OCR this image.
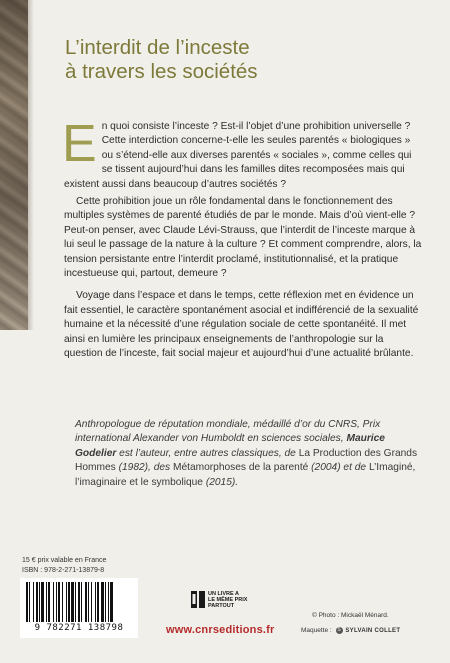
L’interdit de l’inceste
à travers les sociétés

En quoi consiste l’inceste ? Est-il l’objet d’une prohibition universelle ? Cette interdiction concerne-t-elle les seules parentés « biologiques » ou s’étend-elle aux diverses parentés « sociales », comme celles qui se tissent aujourd’hui dans les familles dites recomposées mais qui existent aussi dans beaucoup d’autres sociétés ?

Cette prohibition joue un rôle fondamental dans le fonctionnement des multiples systèmes de parenté étudiés de par le monde. Mais d’où vient-elle ? Peut-on penser, avec Claude Lévi-Strauss, que l’interdit de l’inceste marque à lui seul le passage de la nature à la culture ? Et comment comprendre, alors, la tension persistante entre l’interdit proclamé, institutionnalisé, et la pratique incestueuse qui, partout, demeure ?

Voyage dans l’espace et dans le temps, cette réflexion met en évidence un fait essentiel, le caractère spontanément asocial et indifférencié de la sexualité humaine et la nécessité d’une régulation sociale de cette spontanéité. Il met ainsi en lumière les principaux enseignements de l’anthropologie sur la question de l’inceste, fait social majeur et aujourd’hui d’une actualité brûlante.

Anthropologue de réputation mondiale, médaillé d’or du CNRS, Prix international Alexander von Humboldt en sciences sociales, Maurice Godelier est l’auteur, entre autres classiques, de La Production des Grands Hommes (1982), des Métamorphoses de la parenté (2004) et de L’Imaginé, l’imaginaire et le symbolique (2015).
15 € prix valable en France
ISBN : 978-2-271-13879-8
9 782271 138798
UN LIVRE A
LE MÊME PRIX
PARTOUT
www.cnrseditions.fr
© Photo : Mickaël Ménard.
Maquette : S SYLVAIN COLLET
